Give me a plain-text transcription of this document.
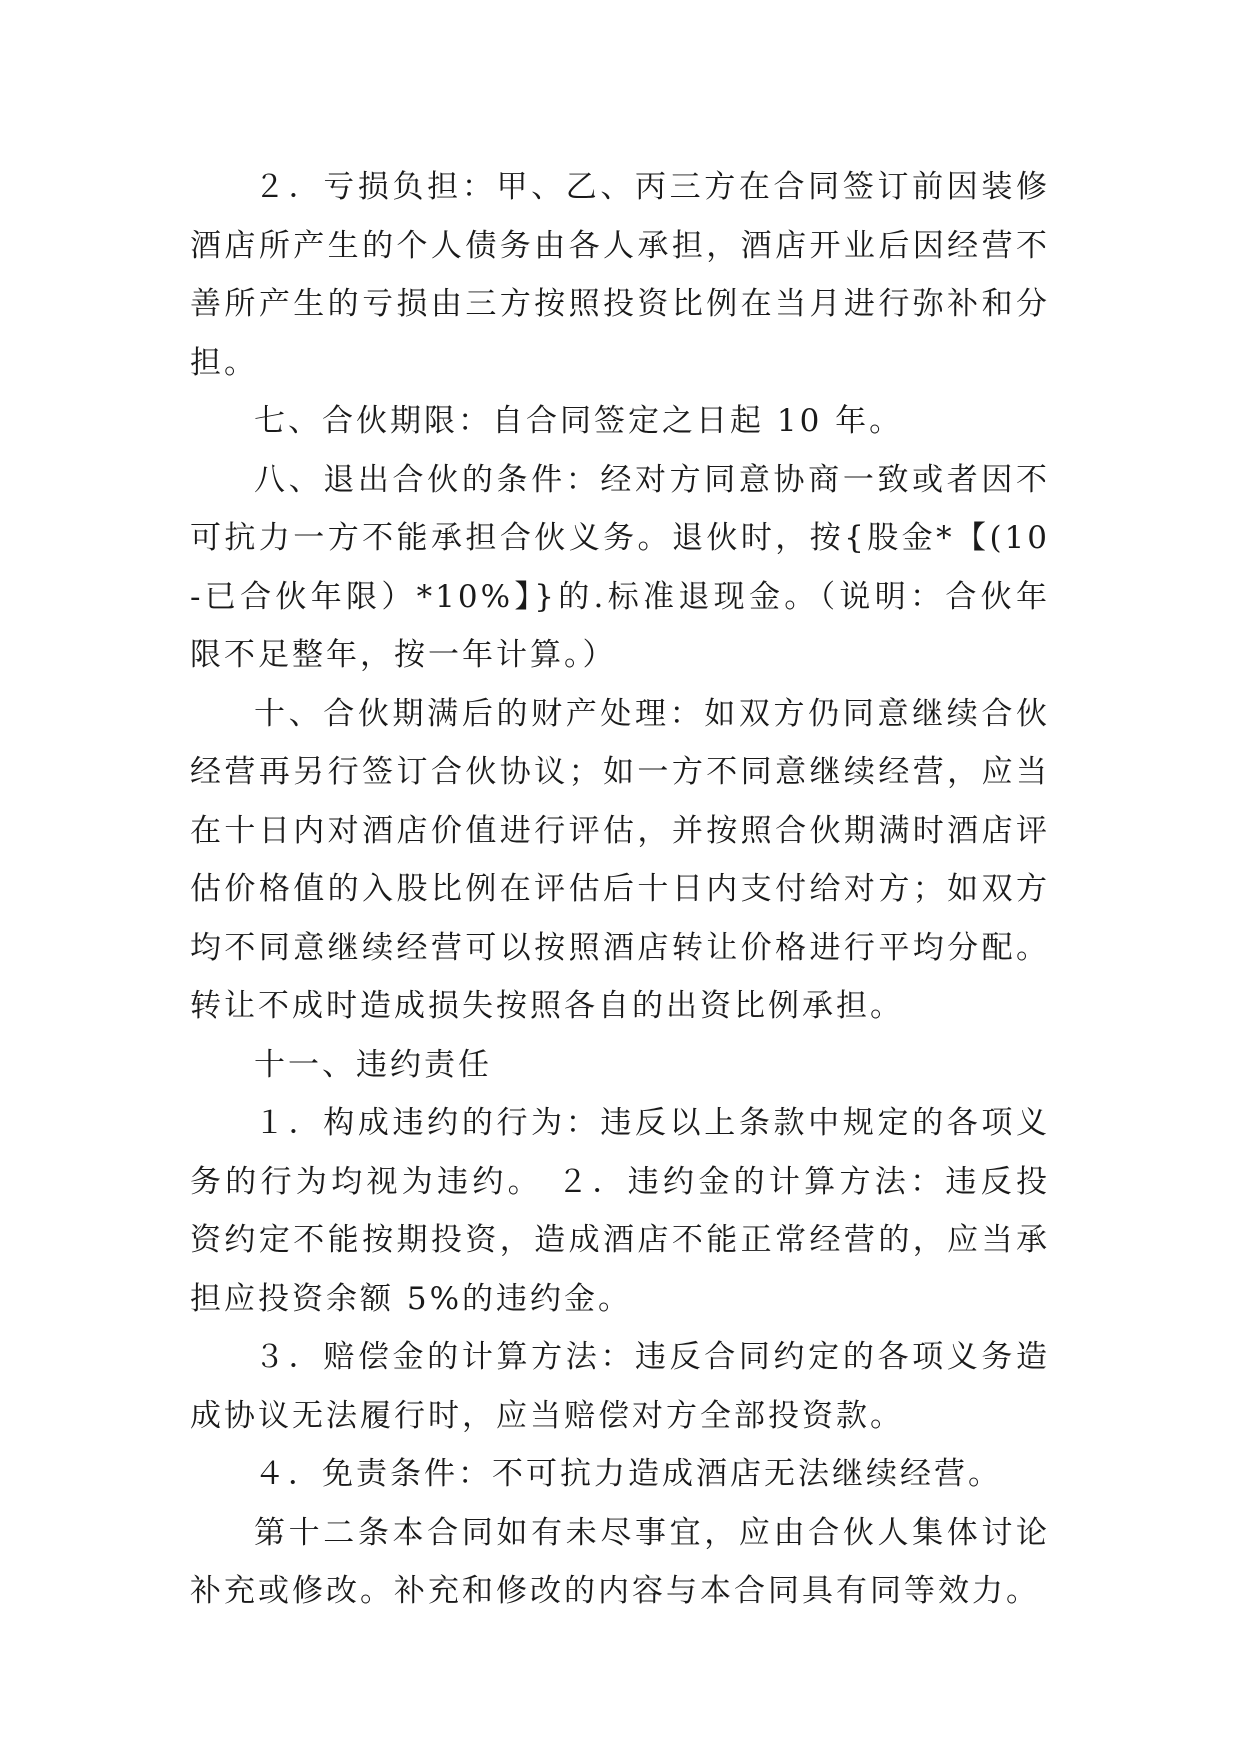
２．亏损负担：甲、乙、丙三方在合同签订前因装修酒店所产生的个人债务由各人承担，酒店开业后因经营不善所产生的亏损由三方按照投资比例在当月进行弥补和分担。

七、合伙期限：自合同签定之日起 10 年。

八、退出合伙的条件：经对方同意协商一致或者因不可抗力一方不能承担合伙义务。退伙时，按{股金*【(10-已合伙年限）*10%】}的.标准退现金。（说明：合伙年限不足整年，按一年计算。）

十、合伙期满后的财产处理：如双方仍同意继续合伙经营再另行签订合伙协议；如一方不同意继续经营，应当在十日内对酒店价值进行评估，并按照合伙期满时酒店评估价格值的入股比例在评估后十日内支付给对方；如双方均不同意继续经营可以按照酒店转让价格进行平均分配。转让不成时造成损失按照各自的出资比例承担。

十一、违约责任

１．构成违约的行为：违反以上条款中规定的各项义务的行为均视为违约。 ２．违约金的计算方法：违反投资约定不能按期投资，造成酒店不能正常经营的，应当承担应投资余额 5%的违约金。

３．赔偿金的计算方法：违反合同约定的各项义务造成协议无法履行时，应当赔偿对方全部投资款。

４．免责条件：不可抗力造成酒店无法继续经营。

第十二条本合同如有未尽事宜，应由合伙人集体讨论补充或修改。补充和修改的内容与本合同具有同等效力。
